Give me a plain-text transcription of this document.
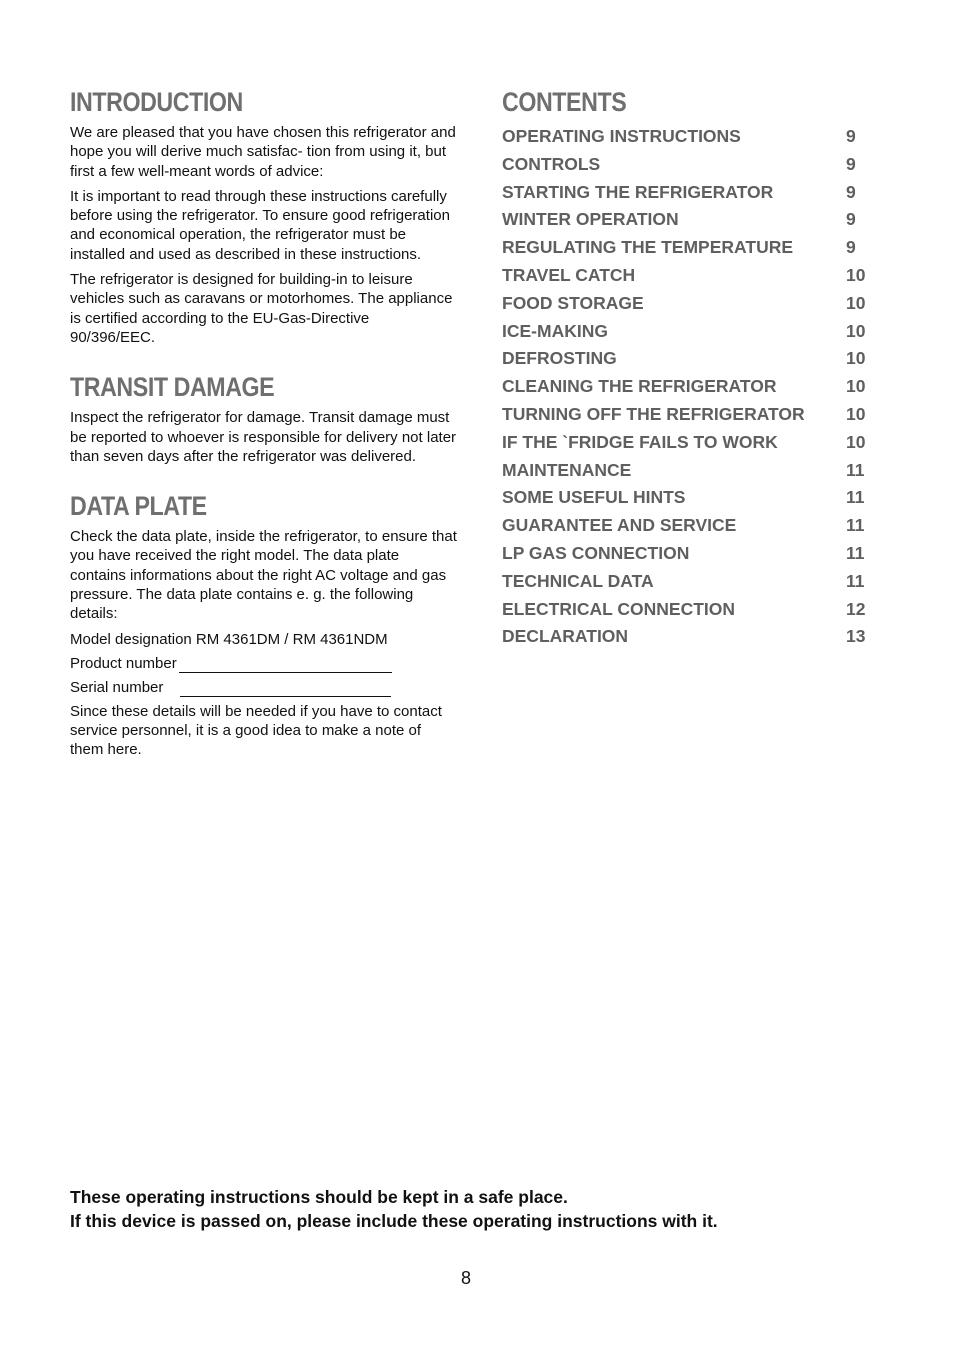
INTRODUCTION

We are pleased that you have chosen this refrigerator and hope you will derive much satisfac- tion from using it, but first a few well-meant words of advice:

It is important to read through these instructions carefully before using the refrigerator. To ensure good refrigeration and economical operation, the refrigerator must be installed and used as described in these instructions.

The refrigerator is designed for building-in to leisure vehicles such as caravans or motorhomes. The appliance is certified according to the EU-Gas-Directive 90/396/EEC.

TRANSIT DAMAGE

Inspect the refrigerator for damage. Transit damage must be reported to whoever is responsible for delivery not later than seven days after the refrigerator was delivered.

DATA PLATE

Check the data plate, inside the refrigerator, to ensure that you have received the right model. The data plate contains informations about the right AC voltage and gas pressure. The data plate contains e. g. the following details:

Model designation RM 4361DM / RM 4361NDM
Product number
Serial number

Since these details will be needed if you have to contact service personnel, it is a good idea to make a note of them here.

CONTENTS
OPERATING INSTRUCTIONS	9
CONTROLS	9
STARTING THE REFRIGERATOR	9
WINTER OPERATION	9
REGULATING THE TEMPERATURE	9
TRAVEL CATCH	10
FOOD STORAGE	10
ICE-MAKING	10
DEFROSTING	10
CLEANING THE REFRIGERATOR	10
TURNING OFF THE REFRIGERATOR 10
IF THE `FRIDGE FAILS TO WORK	10
MAINTENANCE	11
SOME USEFUL HINTS	11
GUARANTEE AND SERVICE	11
LP GAS CONNECTION	11
TECHNICAL DATA	11
ELECTRICAL CONNECTION	12
DECLARATION	13
These operating instructions should be kept in a safe place.
If this device is passed on, please include these operating instructions with it.
8
